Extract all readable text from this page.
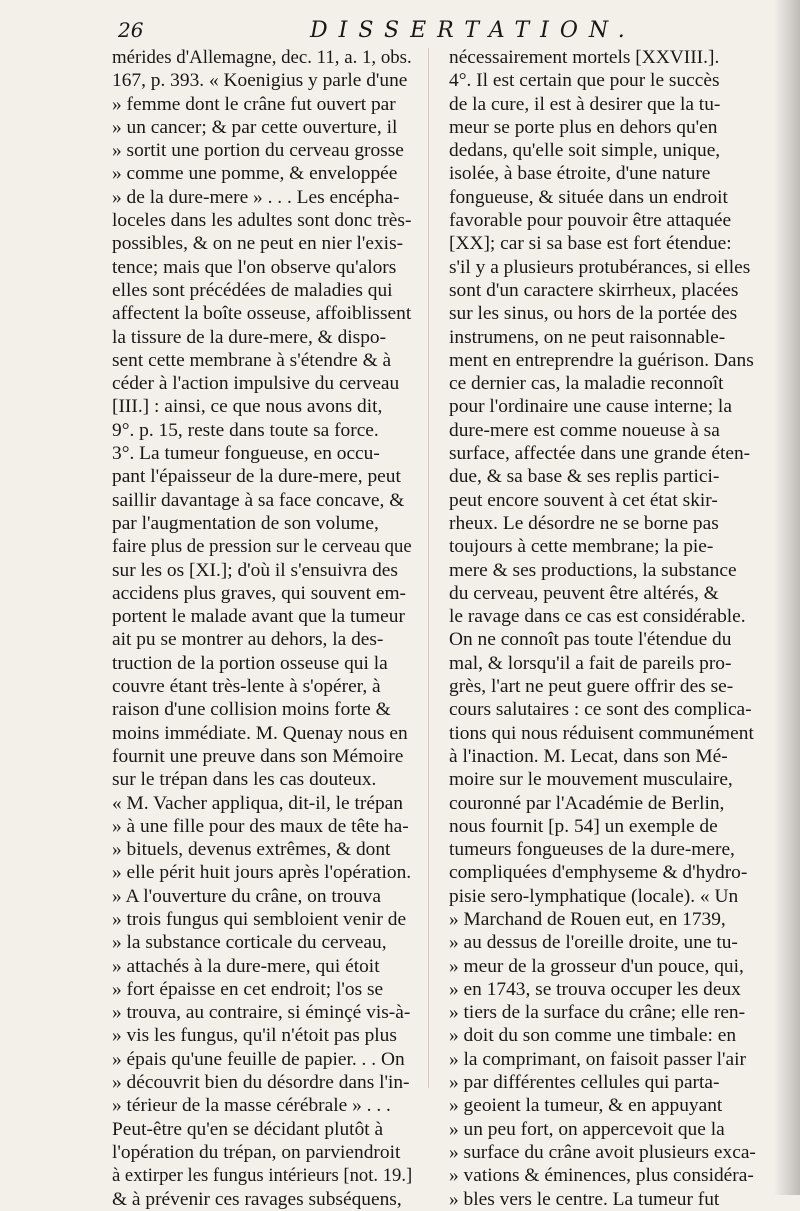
26	DISSERTATION.
mérides d'Allemagne, dec. 11, a. 1, obs.
167, p. 393. « Koenigius y parle d'une
» femme dont le crâne fut ouvert par
» un cancer; & par cette ouverture, il
» sortit une portion du cerveau grosse
» comme une pomme, & enveloppée
» de la dure-mere » . . . Les encépha-
loceles dans les adultes sont donc très-
possibles, & on ne peut en nier l'exis-
tence; mais que l'on observe qu'alors
elles sont précédées de maladies qui
affectent la boîte osseuse, affoiblissent
la tissure de la dure-mere, & dispo-
sent cette membrane à s'étendre & à
céder à l'action impulsive du cerveau
[III.] : ainsi, ce que nous avons dit,
9°. p. 15, reste dans toute sa force.
3°. La tumeur fongueuse, en occu-
pant l'épaisseur de la dure-mere, peut
saillir davantage à sa face concave, &
par l'augmentation de son volume,
faire plus de pression sur le cerveau que
sur les os [XI.]; d'où il s'ensuivra des
accidens plus graves, qui souvent em-
portent le malade avant que la tumeur
ait pu se montrer au dehors, la des-
truction de la portion osseuse qui la
couvre étant très-lente à s'opérer, à
raison d'une collision moins forte &
moins immédiate. M. Quenay nous en
fournit une preuve dans son Mémoire
sur le trépan dans les cas douteux.
« M. Vacher appliqua, dit-il, le trépan
» à une fille pour des maux de tête ha-
» bituels, devenus extrêmes, & dont
» elle périt huit jours après l'opération.
» A l'ouverture du crâne, on trouva
» trois fungus qui sembloient venir de
» la substance corticale du cerveau,
» attachés à la dure-mere, qui étoit
» fort épaisse en cet endroit; l'os se
» trouva, au contraire, si éminçé vis-à-
» vis les fungus, qu'il n'étoit pas plus
» épais qu'une feuille de papier. . . On
» découvrit bien du désordre dans l'in-
» térieur de la masse cérébrale » . . .
Peut-être qu'en se décidant plutôt à
l'opération du trépan, on parviendroit
à extirper les fungus intérieurs [not. 19.]
& à prévenir ces ravages subséquens,
nécessairement mortels [XXVIII.].
4°. Il est certain que pour le succès
de la cure, il est à desirer que la tu-
meur se porte plus en dehors qu'en
dedans, qu'elle soit simple, unique,
isolée, à base étroite, d'une nature
fongueuse, & située dans un endroit
favorable pour pouvoir être attaquée
[XX]; car si sa base est fort étendue:
s'il y a plusieurs protubérances, si elles
sont d'un caractere skirrheux, placées
sur les sinus, ou hors de la portée des
instrumens, on ne peut raisonnable-
ment en entreprendre la guérison. Dans
ce dernier cas, la maladie reconnoît
pour l'ordinaire une cause interne; la
dure-mere est comme noueuse à sa
surface, affectée dans une grande éten-
due, & sa base & ses replis partici-
peut encore souvent à cet état skir-
rheux. Le désordre ne se borne pas
toujours à cette membrane; la pie-
mere & ses productions, la substance
du cerveau, peuvent être altérés, &
le ravage dans ce cas est considérable.
On ne connoît pas toute l'étendue du
mal, & lorsqu'il a fait de pareils pro-
grès, l'art ne peut guere offrir des se-
cours salutaires : ce sont des complica-
tions qui nous réduisent communément
à l'inaction. M. Lecat, dans son Mé-
moire sur le mouvement musculaire,
couronné par l'Académie de Berlin,
nous fournit [p. 54] un exemple de
tumeurs fongueuses de la dure-mere,
compliquées d'emphyseme & d'hydro-
pisie sero-lymphatique (locale). « Un
» Marchand de Rouen eut, en 1739,
» au dessus de l'oreille droite, une tu-
» meur de la grosseur d'un pouce, qui,
» en 1743, se trouva occuper les deux
» tiers de la surface du crâne; elle ren-
» doit du son comme une timbale: en
» la comprimant, on faisoit passer l'air
» par différentes cellules qui parta-
» geoient la tumeur, & en appuyant
» un peu fort, on appercevoit que la
» surface du crâne avoit plusieurs exca-
» vations & éminences, plus considéra-
» bles vers le centre. La tumeur fut
